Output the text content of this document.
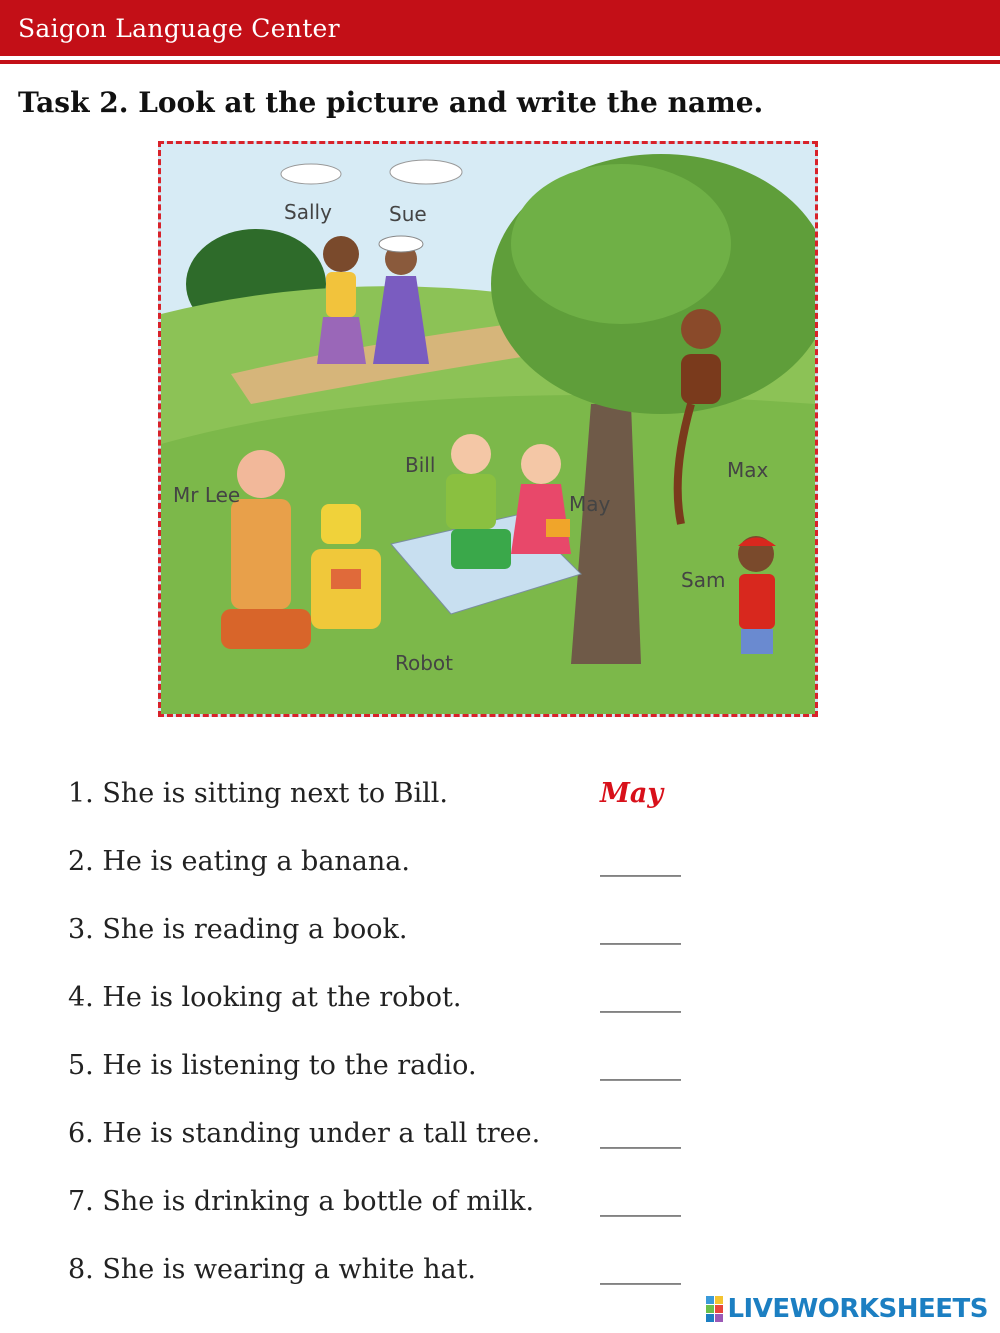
Saigon Language Center
Task 2. Look at the picture and write the name.
Sally	Sue
Bill
Mr Lee	May
Max
Sam
Robot
1. She is sitting next to Bill.	May
2. He is eating a banana.	______
3. She is reading a book.	______
4. He is looking at the robot.	______
5. He is listening to the radio.	______
6. He is standing under a tall tree. ______
7. She is drinking a bottle of milk. ______
8. She is wearing a white hat.	______
LIVEWORKSHEETS
